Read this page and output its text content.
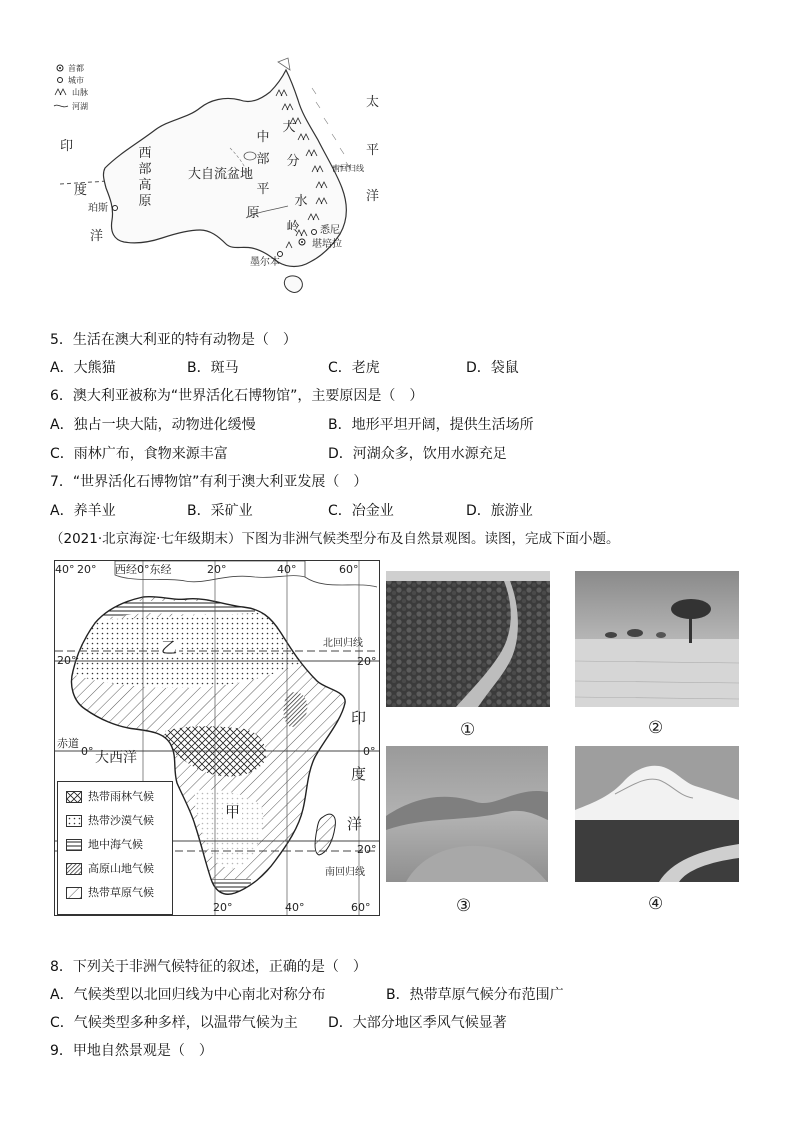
首都
城市
山脉
河湖	太
平
洋
印
度
洋
西
部
高
原
中
部
平
原
大
分
水
岭
大自流盆地	南回归线
珀斯
悉尼
堪培拉
墨尔本
5．生活在澳大利亚的特有动物是（　）
A．大熊猫	B．斑马	C．老虎	D．袋鼠
6．澳大利亚被称为“世界活化石博物馆”，主要原因是（　）
A．独占一块大陆，动物进化缓慢	B．地形平坦开阔，提供生活场所
C．雨林广布，食物来源丰富	D．河湖众多，饮用水源充足
7．“世界活化石博物馆”有利于澳大利亚发展（　）
A．养羊业	B．采矿业	C．冶金业	D．旅游业
（2021·北京海淀·七年级期末）下图为非洲气候类型分布及自然景观图。读图，完成下面小题。
40° 20° 西经0°东经	20°	40°	60°
20°	40°	60°
20°	20°
赤道
0°	0°
20°
北回归线
南回归线
乙
甲
大西洋
印
度
洋
热带雨林气候
热带沙漠气候
地中海气候
高原山地气候
热带草原气候
①	②
③	④
8．下列关于非洲气候特征的叙述，正确的是（　）
A．气候类型以北回归线为中心南北对称分布	B．热带草原气候分布范围广
C．气候类型多种多样，以温带气候为主 D．大部分地区季风气候显著
9．甲地自然景观是（　）
